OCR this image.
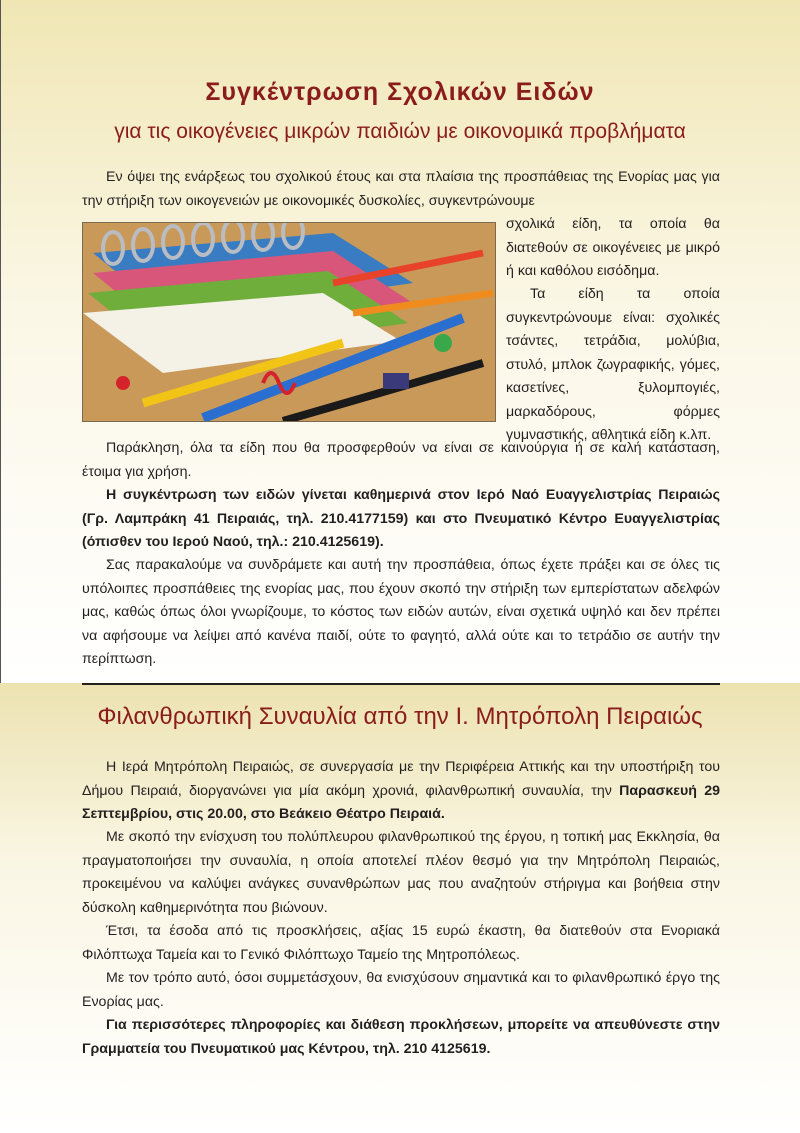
Συγκέντρωση Σχολικών Ειδών
για τις οικογένειες μικρών παιδιών με οικονομικά προβλήματα

Εν όψει της ενάρξεως του σχολικού έτους και στα πλαίσια της προσπάθειας της Ενορίας μας για την στήριξη των οικογενειών με οικονομικές δυσκολίες, συγκεντρώνουμε

σχολικά είδη, τα οποία θα διατεθούν σε οικογένειες με μικρό ή και καθόλου εισόδημα.

Τα είδη τα οποία συγκεντρώνουμε είναι: σχολικές τσάντες, τετράδια, μολύβια, στυλό, μπλοκ ζωγραφικής, γόμες, κασετίνες, ξυλομπογιές, μαρκαδόρους, φόρμες γυμναστικής, αθλητικά είδη κ.λπ.

Παράκληση, όλα τα είδη που θα προσφερθούν να είναι σε καινούργια ή σε καλή κατάσταση, έτοιμα για χρήση.

Η συγκέντρωση των ειδών γίνεται καθημερινά στον Ιερό Ναό Ευαγγελιστρίας Πειραιώς (Γρ. Λαμπράκη 41 Πειραιάς, τηλ. 210.4177159) και στο Πνευματικό Κέντρο Ευαγγελιστρίας (όπισθεν του Ιερού Ναού, τηλ.: 210.4125619).

Σας παρακαλούμε να συνδράμετε και αυτή την προσπάθεια, όπως έχετε πράξει και σε όλες τις υπόλοιπες προσπάθειες της ενορίας μας, που έχουν σκοπό την στήριξη των εμπερίστατων αδελφών μας, καθώς όπως όλοι γνωρίζουμε, το κόστος των ειδών αυτών, είναι σχετικά υψηλό και δεν πρέπει να αφήσουμε να λείψει από κανένα παιδί, ούτε το φαγητό, αλλά ούτε και το τετράδιο σε αυτήν την περίπτωση.

Φιλανθρωπική Συναυλία από την Ι. Μητρόπολη Πειραιώς

Η Ιερά Μητρόπολη Πειραιώς, σε συνεργασία με την Περιφέρεια Αττικής και την υποστήριξη του Δήμου Πειραιά, διοργανώνει για μία ακόμη χρονιά, φιλανθρωπική συναυλία, την Παρασκευή 29 Σεπτεμβρίου, στις 20.00, στο Βεάκειο Θέατρο Πειραιά.

Με σκοπό την ενίσχυση του πολύπλευρου φιλανθρωπικού της έργου, η τοπική μας Εκκλησία, θα πραγματοποιήσει την συναυλία, η οποία αποτελεί πλέον θεσμό για την Μητρόπολη Πειραιώς, προκειμένου να καλύψει ανάγκες συνανθρώπων μας που αναζητούν στήριγμα και βοήθεια στην δύσκολη καθημερινότητα που βιώνουν.

Έτσι, τα έσοδα από τις προσκλήσεις, αξίας 15 ευρώ έκαστη, θα διατεθούν στα Ενοριακά Φιλόπτωχα Ταμεία και το Γενικό Φιλόπτωχο Ταμείο της Μητροπόλεως.

Με τον τρόπο αυτό, όσοι συμμετάσχουν, θα ενισχύσουν σημαντικά και το φιλανθρωπικό έργο της Ενορίας μας.

Για περισσότερες πληροφορίες και διάθεση προκλήσεων, μπορείτε να απευθύνεστε στην Γραμματεία του Πνευματικού μας Κέντρου, τηλ. 210 4125619.
